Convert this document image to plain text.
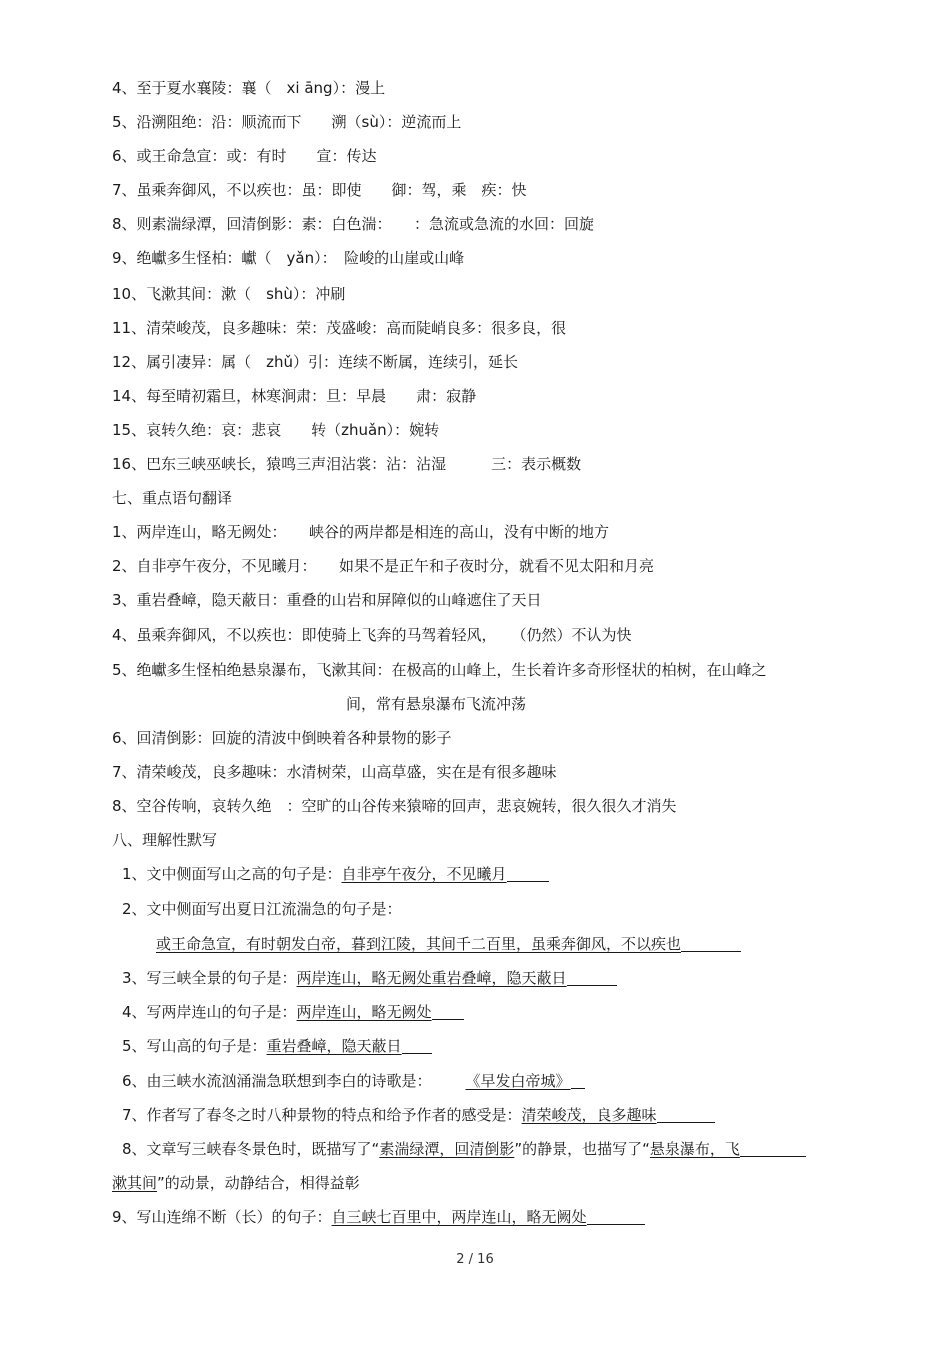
4、至于夏水襄陵：襄（　xi āng）：漫上
5、沿溯阻绝：沿：顺流而下　　溯（sù）：逆流而上
6、或王命急宣：或：有时　　宣：传达
7、虽乘奔御风，不以疾也：虽：即使　　御：驾，乘　疾：快
8、则素湍绿潭，回清倒影：素：白色湍：　　：急流或急流的水回：回旋
9、绝巘多生怪柏：巘（　yǎn）：　险峻的山崖或山峰
10、飞漱其间：漱（　shù）：冲刷
11、清荣峻茂，良多趣味：荣：茂盛峻：高而陡峭良多：很多良，很
12、属引凄异：属（　zhǔ）引：连续不断属，连续引，延长
14、每至晴初霜旦，林寒涧肃：旦：早晨　　肃：寂静
15、哀转久绝：哀：悲哀　　转（zhuǎn）：婉转
16、巴东三峡巫峡长，猿鸣三声泪沾裳：沾：沾湿　　　三：表示概数
七、重点语句翻译
1、两岸连山，略无阙处：　　峡谷的两岸都是相连的高山，没有中断的地方
2、自非亭午夜分，不见曦月：　　如果不是正午和子夜时分，就看不见太阳和月亮
3、重岩叠嶂，隐天蔽日：重叠的山岩和屏障似的山峰遮住了天日
4、虽乘奔御风，不以疾也：即使骑上飞奔的马驾着轻风，　　（仍然）不认为快
5、绝巘多生怪柏绝悬泉瀑布，飞漱其间：在极高的山峰上，生长着许多奇形怪状的柏树，在山峰之
间，常有悬泉瀑布飞流冲荡
6、回清倒影：回旋的清波中倒映着各种景物的影子
7、清荣峻茂，良多趣味：水清树荣，山高草盛，实在是有很多趣味
8、空谷传响，哀转久绝　：空旷的山谷传来猿啼的回声，悲哀婉转，很久很久才消失
八、理解性默写
1、文中侧面写山之高的句子是：自非亭午夜分，不见曦月
2、文中侧面写出夏日江流湍急的句子是：
或王命急宣，有时朝发白帝，暮到江陵，其间千二百里，虽乘奔御风，不以疾也
3、写三峡全景的句子是：两岸连山，略无阙处重岩叠嶂，隐天蔽日
4、写两岸连山的句子是：两岸连山，略无阙处
5、写山高的句子是：重岩叠嶂，隐天蔽日
6、由三峡水流汹涌湍急联想到李白的诗歌是： 《早发白帝城》
7、作者写了春冬之时八种景物的特点和给予作者的感受是：清荣峻茂，良多趣味
8、文章写三峡春冬景色时，既描写了“素湍绿潭，回清倒影”的静景，也描写了“悬泉瀑布，飞
漱其间”的动景，动静结合，相得益彰
9、写山连绵不断（长）的句子：自三峡七百里中，两岸连山，略无阙处
2 / 16
